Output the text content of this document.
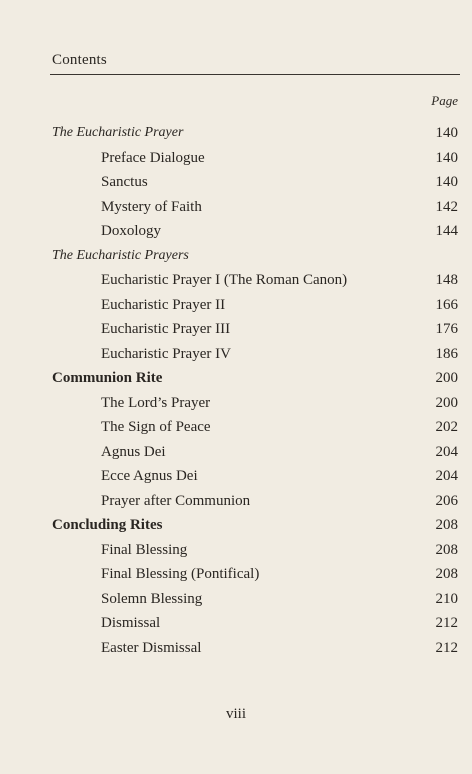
Contents
Page
The Eucharistic Prayer	140
Preface Dialogue	140
Sanctus	140
Mystery of Faith	142
Doxology	144
The Eucharistic Prayers
Eucharistic Prayer I (The Roman Canon)	148
Eucharistic Prayer II	166
Eucharistic Prayer III	176
Eucharistic Prayer IV	186
Communion Rite	200
The Lord’s Prayer	200
The Sign of Peace	202
Agnus Dei	204
Ecce Agnus Dei	204
Prayer after Communion	206
Concluding Rites	208
Final Blessing	208
Final Blessing (Pontifical)	208
Solemn Blessing	210
Dismissal	212
Easter Dismissal	212
viii
